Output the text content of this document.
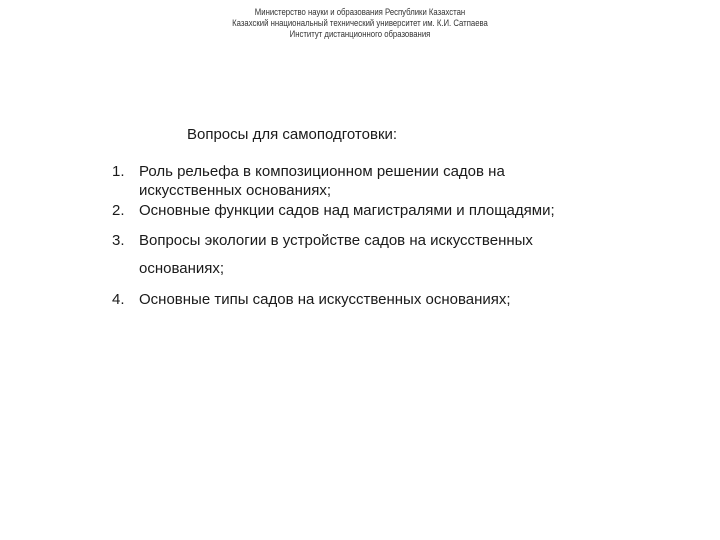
Министерство науки и образования Республики Казахстан
Казахский ннациональный технический университет им. К.И. Сатпаева
Институт дистанционного образования
Вопросы для самоподготовки:
1. Роль рельефа в композиционном решении садов на
искусственных основаниях;
2. Основные функции садов над магистралями и площадями;
3. Вопросы экологии в устройстве садов на искусственных
основаниях;
4. Основные типы садов на искусственных основаниях;
